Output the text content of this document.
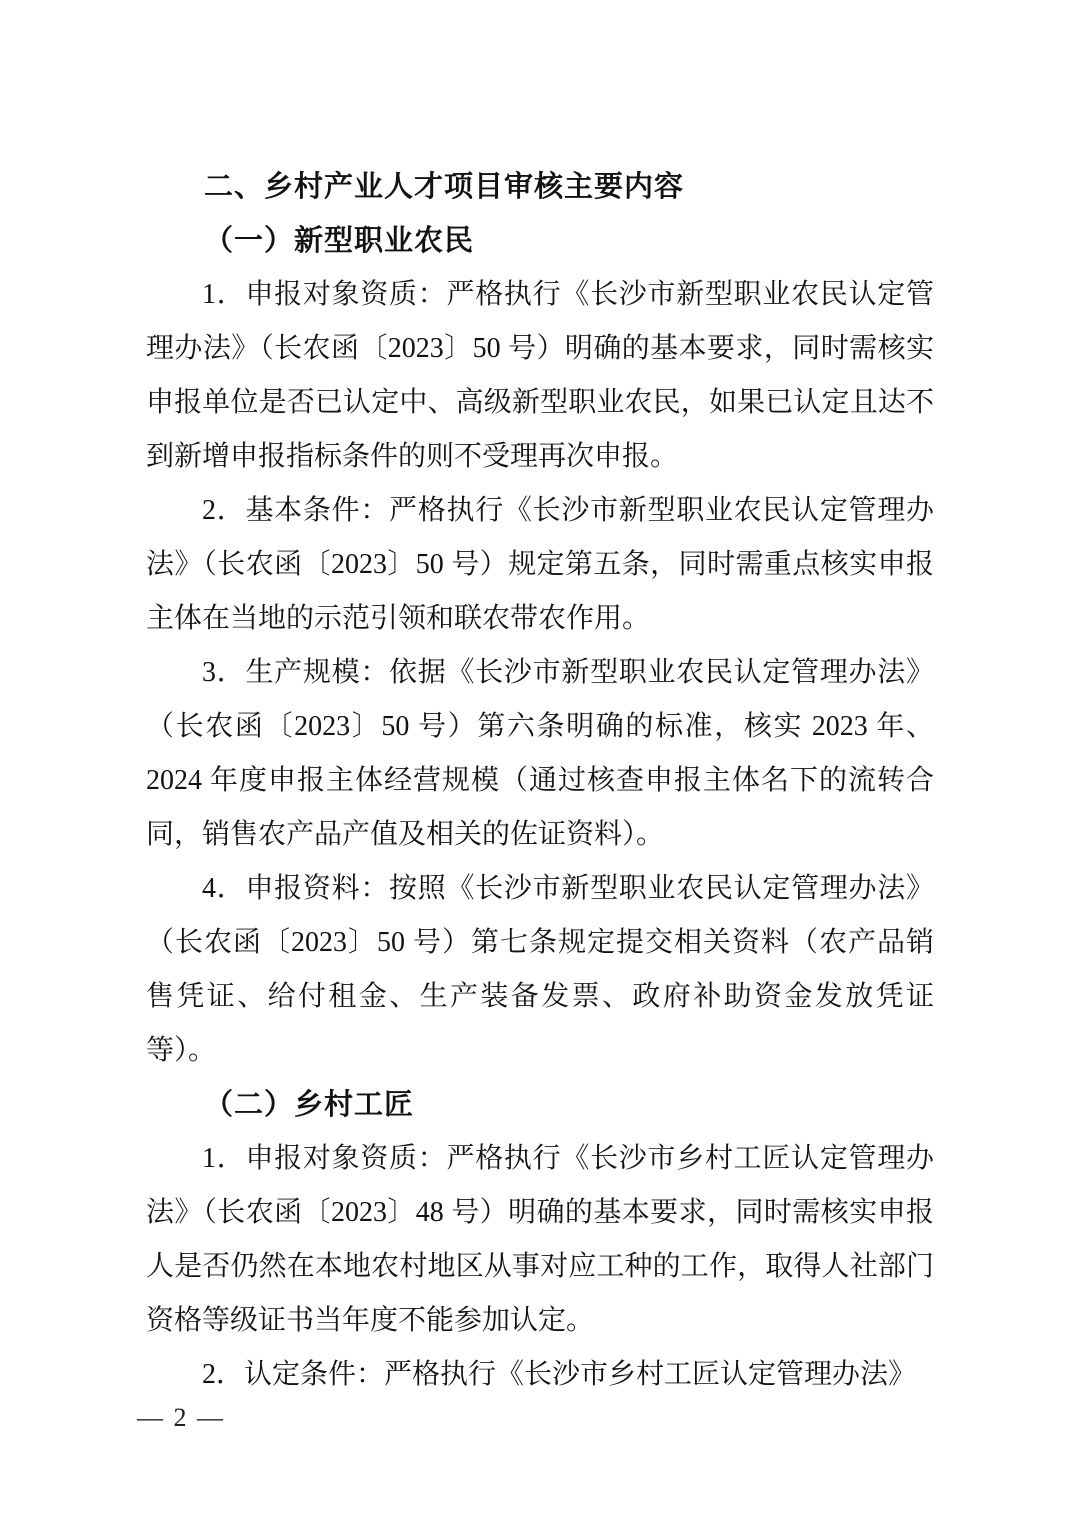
二、乡村产业人才项目审核主要内容
（一）新型职业农民

1．申报对象资质：严格执行《长沙市新型职业农民认定管理办法》（长农函〔2023〕50 号）明确的基本要求，同时需核实申报单位是否已认定中、高级新型职业农民，如果已认定且达不到新增申报指标条件的则不受理再次申报。

2．基本条件：严格执行《长沙市新型职业农民认定管理办法》（长农函〔2023〕50 号）规定第五条，同时需重点核实申报主体在当地的示范引领和联农带农作用。

3．生产规模：依据《长沙市新型职业农民认定管理办法》（长农函〔2023〕50 号）第六条明确的标准，核实 2023 年、2024 年度申报主体经营规模（通过核查申报主体名下的流转合同，销售农产品产值及相关的佐证资料）。

4．申报资料：按照《长沙市新型职业农民认定管理办法》（长农函〔2023〕50 号）第七条规定提交相关资料（农产品销售凭证、给付租金、生产装备发票、政府补助资金发放凭证等）。

（二）乡村工匠

1．申报对象资质：严格执行《长沙市乡村工匠认定管理办法》（长农函〔2023〕48 号）明确的基本要求，同时需核实申报人是否仍然在本地农村地区从事对应工种的工作，取得人社部门资格等级证书当年度不能参加认定。

2．认定条件：严格执行《长沙市乡村工匠认定管理办法》

— 2 —
